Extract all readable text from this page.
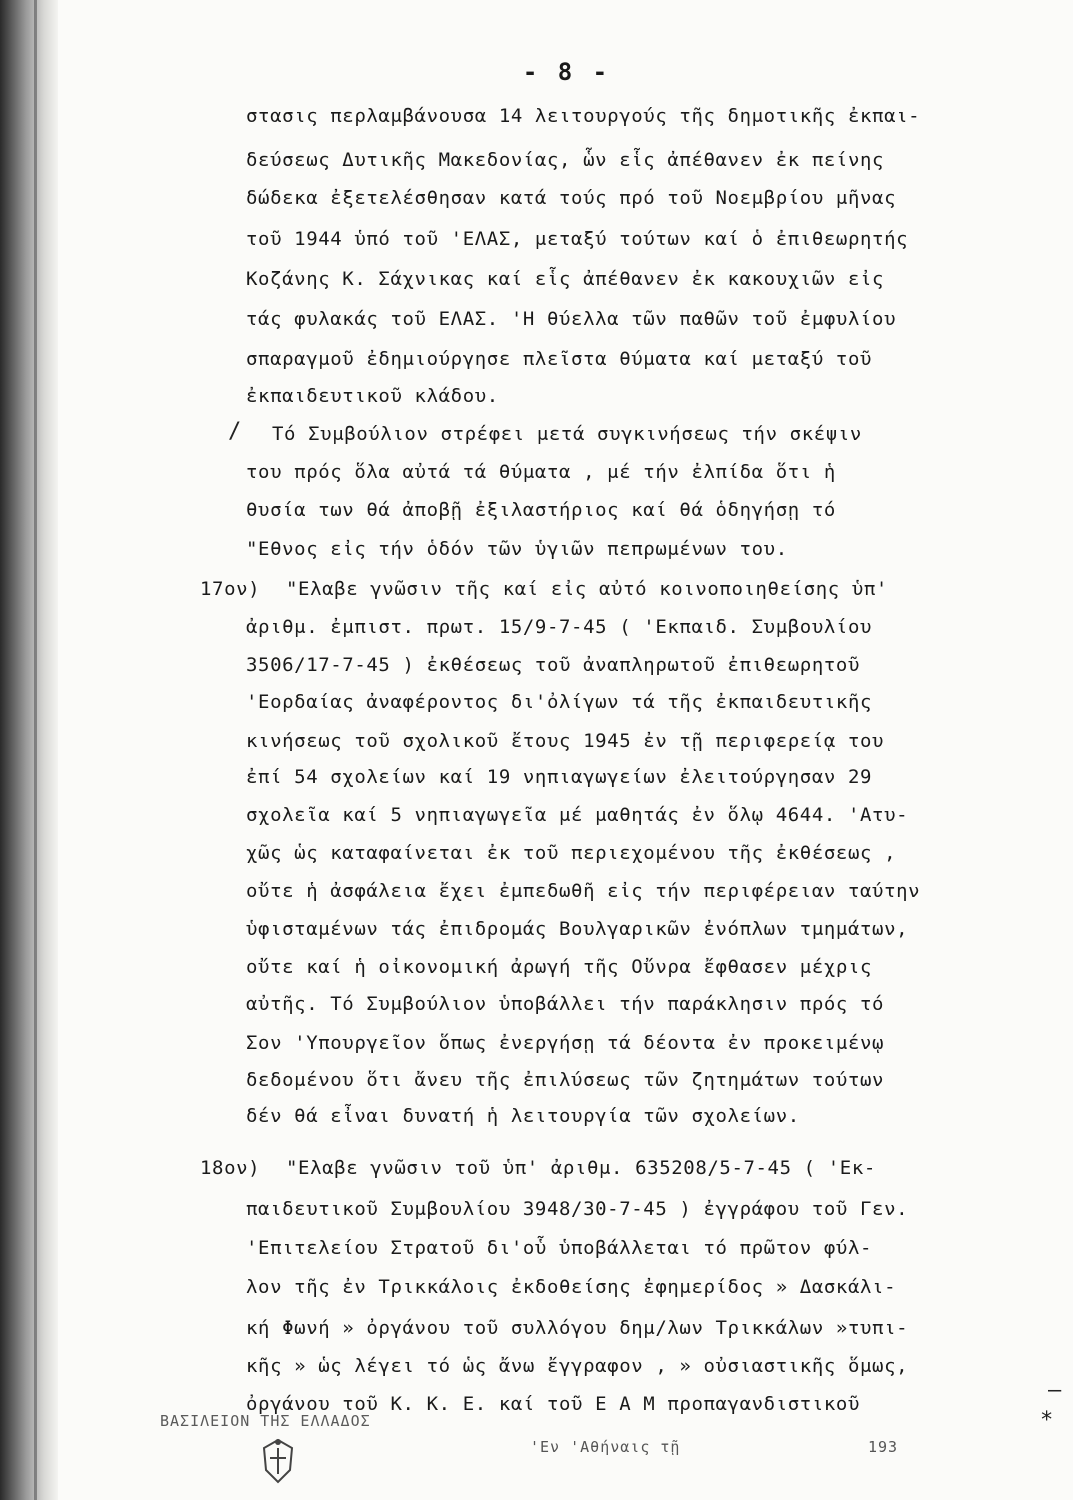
- 8 -
στασις περλαμβάνουσα 14 λειτουργούς τῆς δημοτικῆς ἐκπαι-
δεύσεως Δυτικῆς Μακεδονίας, ὧν εἷς ἀπέθανεν ἐκ πείνης
δώδεκα ἐξετελέσθησαν κατά τούς πρό τοῦ Νοεμβρίου μῆνας
τοῦ 1944 ὑπό τοῦ 'ΕΛΑΣ, μεταξύ τούτων καί ὁ ἐπιθεωρητής
Κοζάνης Κ. Σάχνικας καί εἷς ἀπέθανεν ἐκ κακουχιῶν εἰς
τάς φυλακάς τοῦ ΕΛΑΣ. 'Η θύελλα τῶν παθῶν τοῦ ἐμφυλίου
σπαραγμοῦ ἐδημιούργησε πλεῖστα θύματα καί μεταξύ τοῦ
ἐκπαιδευτικοῦ κλάδου.
Τό Συμβούλιον στρέφει μετά συγκινήσεως τήν σκέψιν
του πρός ὅλα αὐτά τά θύματα , μέ τήν ἐλπίδα ὅτι ἡ
θυσία των θά ἀποβῇ ἐξιλαστήριος καί θά ὁδηγήσῃ τό
"Εθνος εἰς τήν ὁδόν τῶν ὑγιῶν πεπρωμένων του.
17ον) "Ελαβε γνῶσιν τῆς καί εἰς αὐτό κοινοποιηθείσης ὑπ'
ἀριθμ. ἐμπιστ. πρωτ. 15/9-7-45 ( 'Εκπαιδ. Συμβουλίου
3506/17-7-45 ) ἐκθέσεως τοῦ ἀναπληρωτοῦ ἐπιθεωρητοῦ
'Εορδαίας ἀναφέροντος δι'ὀλίγων τά τῆς ἐκπαιδευτικῆς
κινήσεως τοῦ σχολικοῦ ἔτους 1945 ἐν τῇ περιφερείᾳ του
ἐπί 54 σχολείων καί 19 νηπιαγωγείων ἐλειτούργησαν 29
σχολεῖα καί 5 νηπιαγωγεῖα μέ μαθητάς ἐν ὅλῳ 4644. 'Ατυ-
χῶς ὡς καταφαίνεται ἐκ τοῦ περιεχομένου τῆς ἐκθέσεως ,
οὔτε ἡ ἀσφάλεια ἔχει ἐμπεδωθῆ εἰς τήν περιφέρειαν ταύτην
ὑφισταμένων τάς ἐπιδρομάς Βουλγαρικῶν ἐνόπλων τμημάτων,
οὔτε καί ἡ οἰκονομική ἀρωγή τῆς Οὔνρα ἔφθασεν μέχρις
αὐτῆς. Τό Συμβούλιον ὑποβάλλει τήν παράκλησιν πρός τό
Σον 'Υπουργεῖον ὅπως ἐνεργήσῃ τά δέοντα ἐν προκειμένῳ
δεδομένου ὅτι ἄνευ τῆς ἐπιλύσεως τῶν ζητημάτων τούτων
δέν θά εἶναι δυνατή ἡ λειτουργία τῶν σχολείων.
18ον) "Ελαβε γνῶσιν τοῦ ὑπ' ἀριθμ. 635208/5-7-45 ( 'Εκ-
παιδευτικοῦ Συμβουλίου 3948/30-7-45 ) ἐγγράφου τοῦ Γεν.
'Επιτελείου Στρατοῦ δι'οὗ ὑποβάλλεται τό πρῶτον φύλ-
λον τῆς ἐν Τρικκάλοις ἐκδοθείσης ἐφημερίδος » Δασκάλι-
κή Φωνή » ὀργάνου τοῦ συλλόγου δημ/λων Τρικκάλων »τυπι-
κῆς » ὡς λέγει τό ὡς ἄνω ἔγγραφον , » οὐσιαστικῆς ὅμως,
ὀργάνου τοῦ Κ. Κ. Ε. καί τοῦ Ε Α Μ προπαγανδιστικοῦ
ΒΑΣΙΛΕΙΟΝ ΤΗΣ ΕΛΛΑΔΟΣ
'Εν 'Αθήναις τῇ	193
/
–
*
